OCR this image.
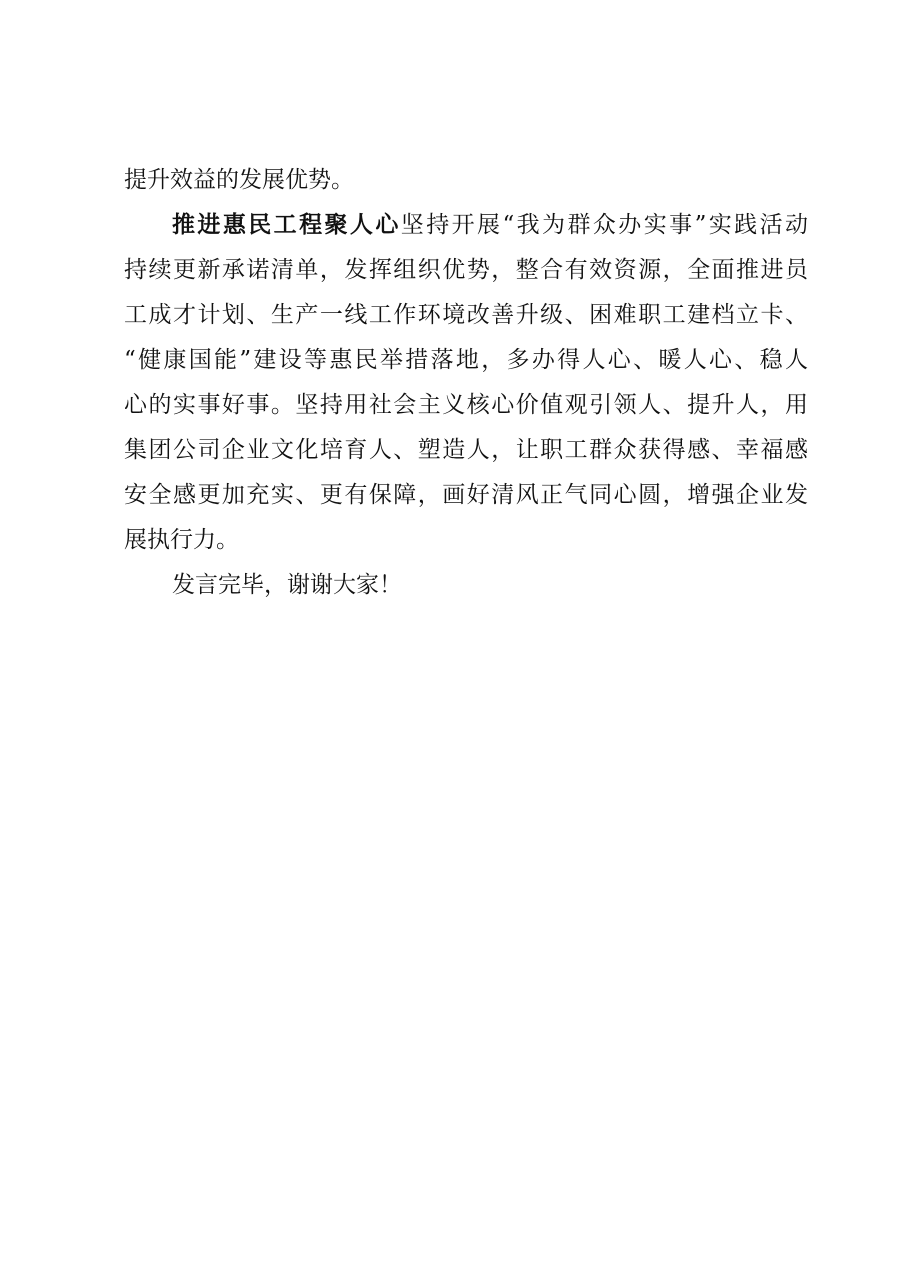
提升效益的发展优势。
推进惠民工程聚人心坚持开展“我为群众办实事”实践活动
持续更新承诺清单，发挥组织优势，整合有效资源，全面推进员
工成才计划、生产一线工作环境改善升级、困难职工建档立卡、
“健康国能”建设等惠民举措落地，多办得人心、暖人心、稳人
心的实事好事。坚持用社会主义核心价值观引领人、提升人，用
集团公司企业文化培育人、塑造人，让职工群众获得感、幸福感
安全感更加充实、更有保障，画好清风正气同心圆，增强企业发
展执行力。
发言完毕，谢谢大家！
